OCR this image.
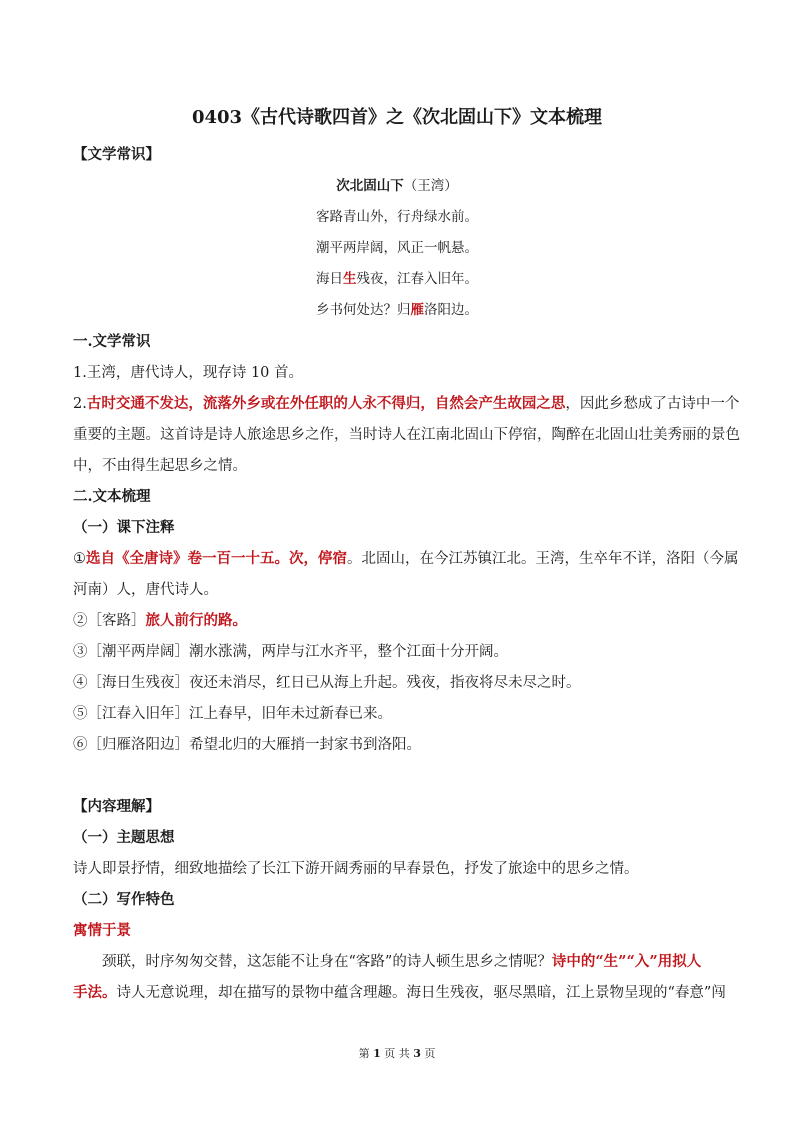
0403《古代诗歌四首》之《次北固山下》文本梳理
【文学常识】
次北固山下（王湾）
客路青山外，行舟绿水前。
潮平两岸阔，风正一帆悬。
海日生残夜，江春入旧年。
乡书何处达？归雁洛阳边。
一.文学常识
1.王湾，唐代诗人，现存诗 10 首。
2.古时交通不发达，流落外乡或在外任职的人永不得归，自然会产生故园之思，因此乡愁成了古诗中一个
重要的主题。这首诗是诗人旅途思乡之作，当时诗人在江南北固山下停宿，陶醉在北固山壮美秀丽的景色
中，不由得生起思乡之情。
二.文本梳理
（一）课下注释
①选自《全唐诗》卷一百一十五。次，停宿。北固山，在今江苏镇江北。王湾，生卒年不详，洛阳（今属
河南）人，唐代诗人。
②［客路］旅人前行的路。
③［潮平两岸阔］潮水涨满，两岸与江水齐平，整个江面十分开阔。
④［海日生残夜］夜还未消尽，红日已从海上升起。残夜，指夜将尽未尽之时。
⑤［江春入旧年］江上春早，旧年未过新春已来。
⑥［归雁洛阳边］希望北归的大雁捎一封家书到洛阳。
【内容理解】
（一）主题思想
诗人即景抒情，细致地描绘了长江下游开阔秀丽的早春景色，抒发了旅途中的思乡之情。
（二）写作特色
寓情于景
颈联，时序匆匆交替，这怎能不让身在“客路”的诗人顿生思乡之情呢？诗中的“生”“入”用拟人
手法。诗人无意说理，却在描写的景物中蕴含理趣。海日生残夜，驱尽黑暗，江上景物呈现的“春意”闯
第 1 页 共 3 页
